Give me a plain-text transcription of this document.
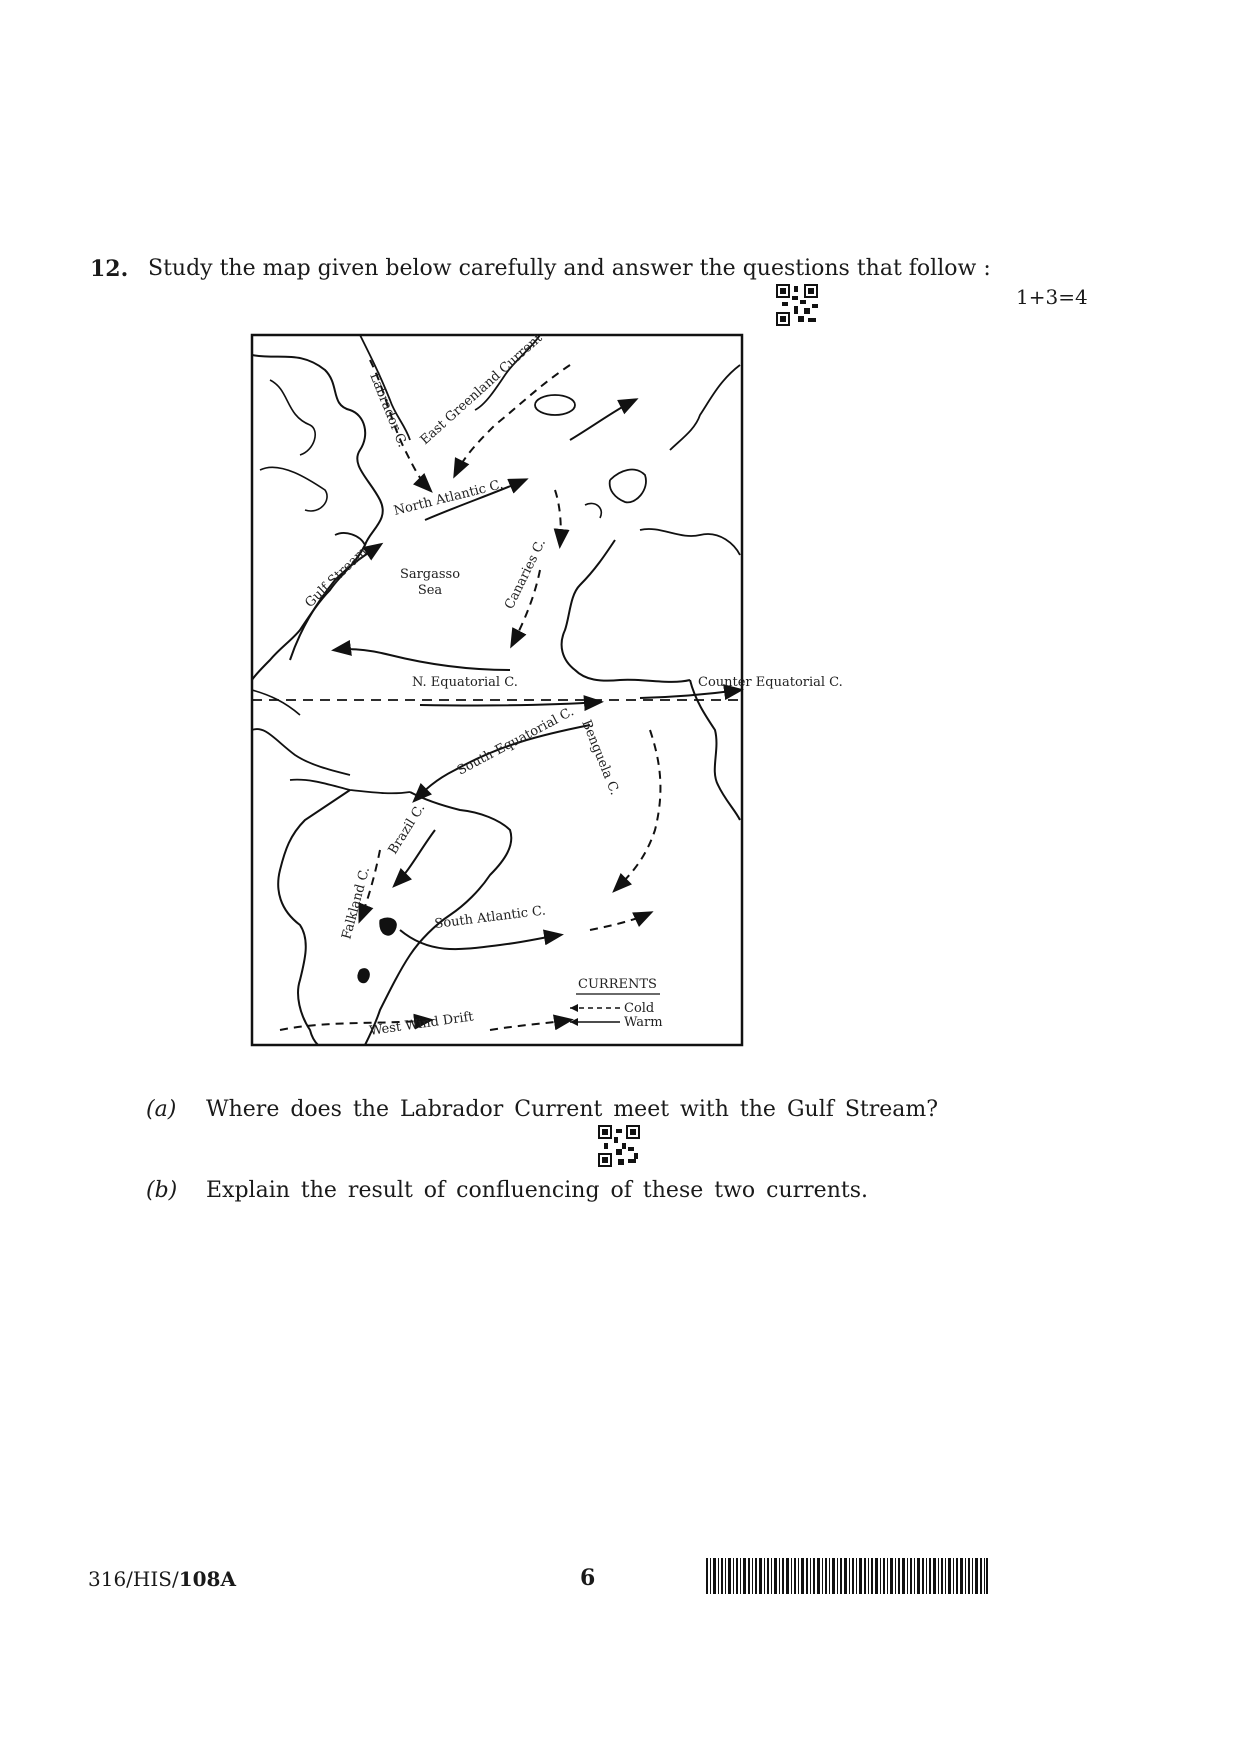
12. Study the map given below carefully and answer the questions that follow :
1+3=4
Labrador C. East Greenland Current
North Atlantic C.
Gulf Stream Sargasso
Sea	Canaries C.
N. Equatorial C.	Counter Equatorial C.
South Equatorial C. Benguela C.
Brazil C.
Falkland C.	South Atlantic C.
West Wind Drift
CURRENTS
Cold
Warm
(a) Where does the Labrador Current meet with the Gulf Stream?
(b) Explain the result of confluencing of these two currents.
316/HIS/108A	6
